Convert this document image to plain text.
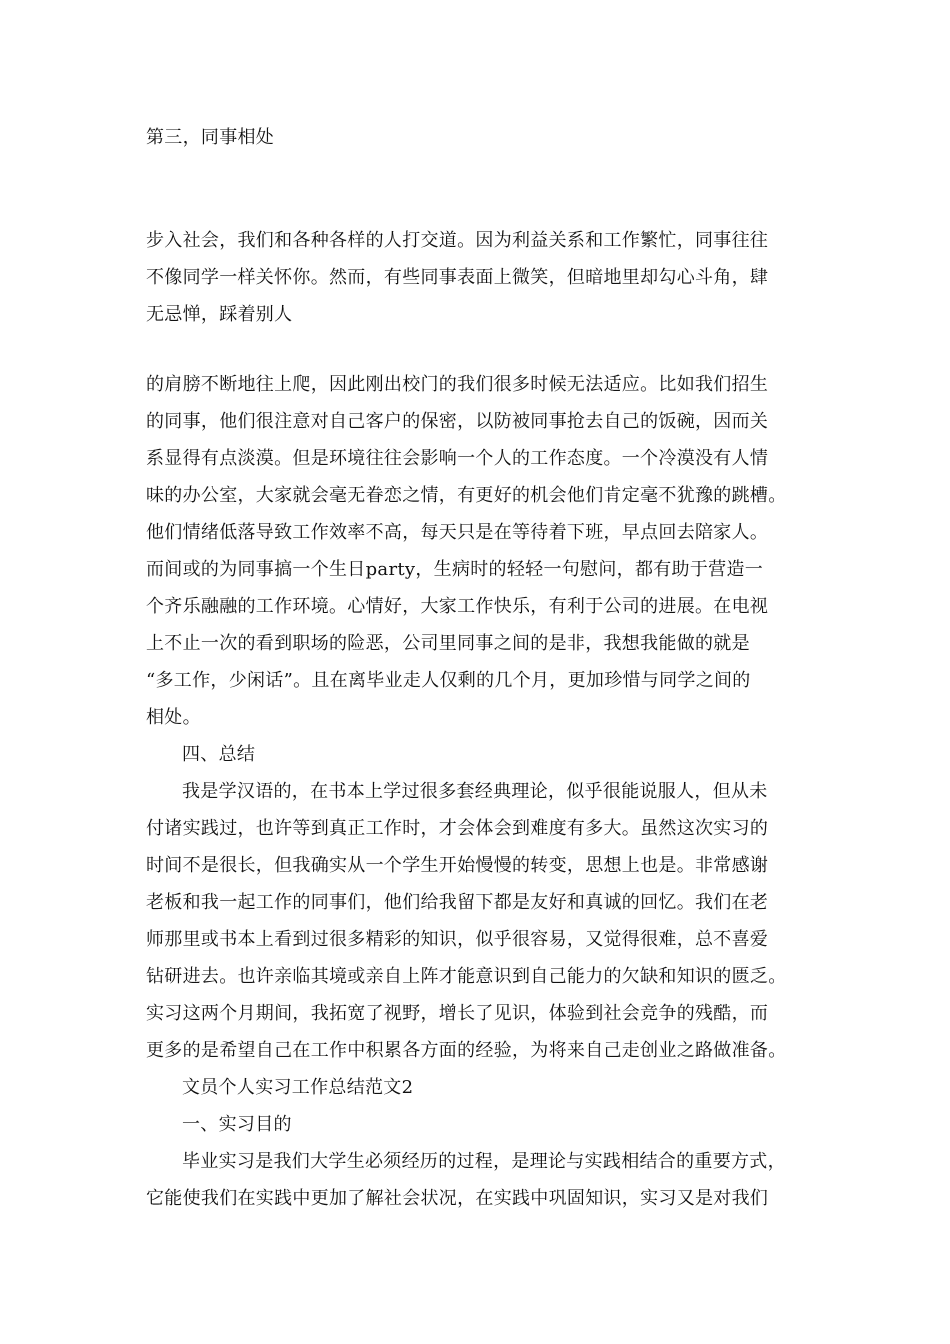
第三，同事相处

步入社会，我们和各种各样的人打交道。因为利益关系和工作繁忙，同事往往

不像同学一样关怀你。然而，有些同事表面上微笑，但暗地里却勾心斗角，肆

无忌惮，踩着别人

的肩膀不断地往上爬，因此刚出校门的我们很多时候无法适应。比如我们招生

的同事，他们很注意对自己客户的保密，以防被同事抢去自己的饭碗，因而关

系显得有点淡漠。但是环境往往会影响一个人的工作态度。一个冷漠没有人情

味的办公室，大家就会毫无眷恋之情，有更好的机会他们肯定毫不犹豫的跳槽。

他们情绪低落导致工作效率不高，每天只是在等待着下班，早点回去陪家人。

而间或的为同事搞一个生日party，生病时的轻轻一句慰问，都有助于营造一

个齐乐融融的工作环境。心情好，大家工作快乐，有利于公司的进展。在电视

上不止一次的看到职场的险恶，公司里同事之间的是非，我想我能做的就是

“多工作，少闲话”。且在离毕业走人仅剩的几个月，更加珍惜与同学之间的

相处。

四、总结

我是学汉语的，在书本上学过很多套经典理论，似乎很能说服人，但从未

付诸实践过，也许等到真正工作时，才会体会到难度有多大。虽然这次实习的

时间不是很长，但我确实从一个学生开始慢慢的转变，思想上也是。非常感谢

老板和我一起工作的同事们，他们给我留下都是友好和真诚的回忆。我们在老

师那里或书本上看到过很多精彩的知识，似乎很容易，又觉得很难，总不喜爱

钻研进去。也许亲临其境或亲自上阵才能意识到自己能力的欠缺和知识的匮乏。

实习这两个月期间，我拓宽了视野，增长了见识，体验到社会竞争的残酷，而

更多的是希望自己在工作中积累各方面的经验，为将来自己走创业之路做准备。

文员个人实习工作总结范文2

一、实习目的

毕业实习是我们大学生必须经历的过程，是理论与实践相结合的重要方式，

它能使我们在实践中更加了解社会状况，在实践中巩固知识，实习又是对我们
